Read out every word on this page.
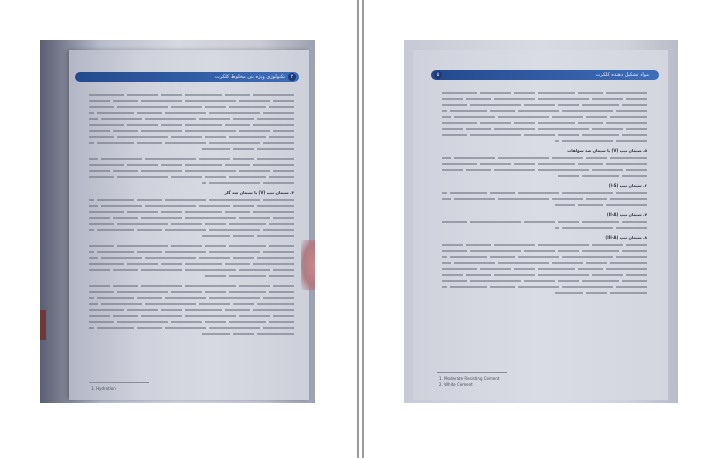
تکنولوژی ویژه بتن مخلوط کلکرت	۴
۴. سیمان تیپ (V) یا سیمان ضد گاز
1. Hydration
۵	مواد تشکیل دهنده کلکرت
۵. سیمان تیپ (V) یا سیمان ضد سولفات
۶. سیمان تیپ (I-S)
۷. سیمان تیپ (II-A)
۸. سیمان تیپ (III-A)
1. Moderate Resisting Cement
2. White Cement
